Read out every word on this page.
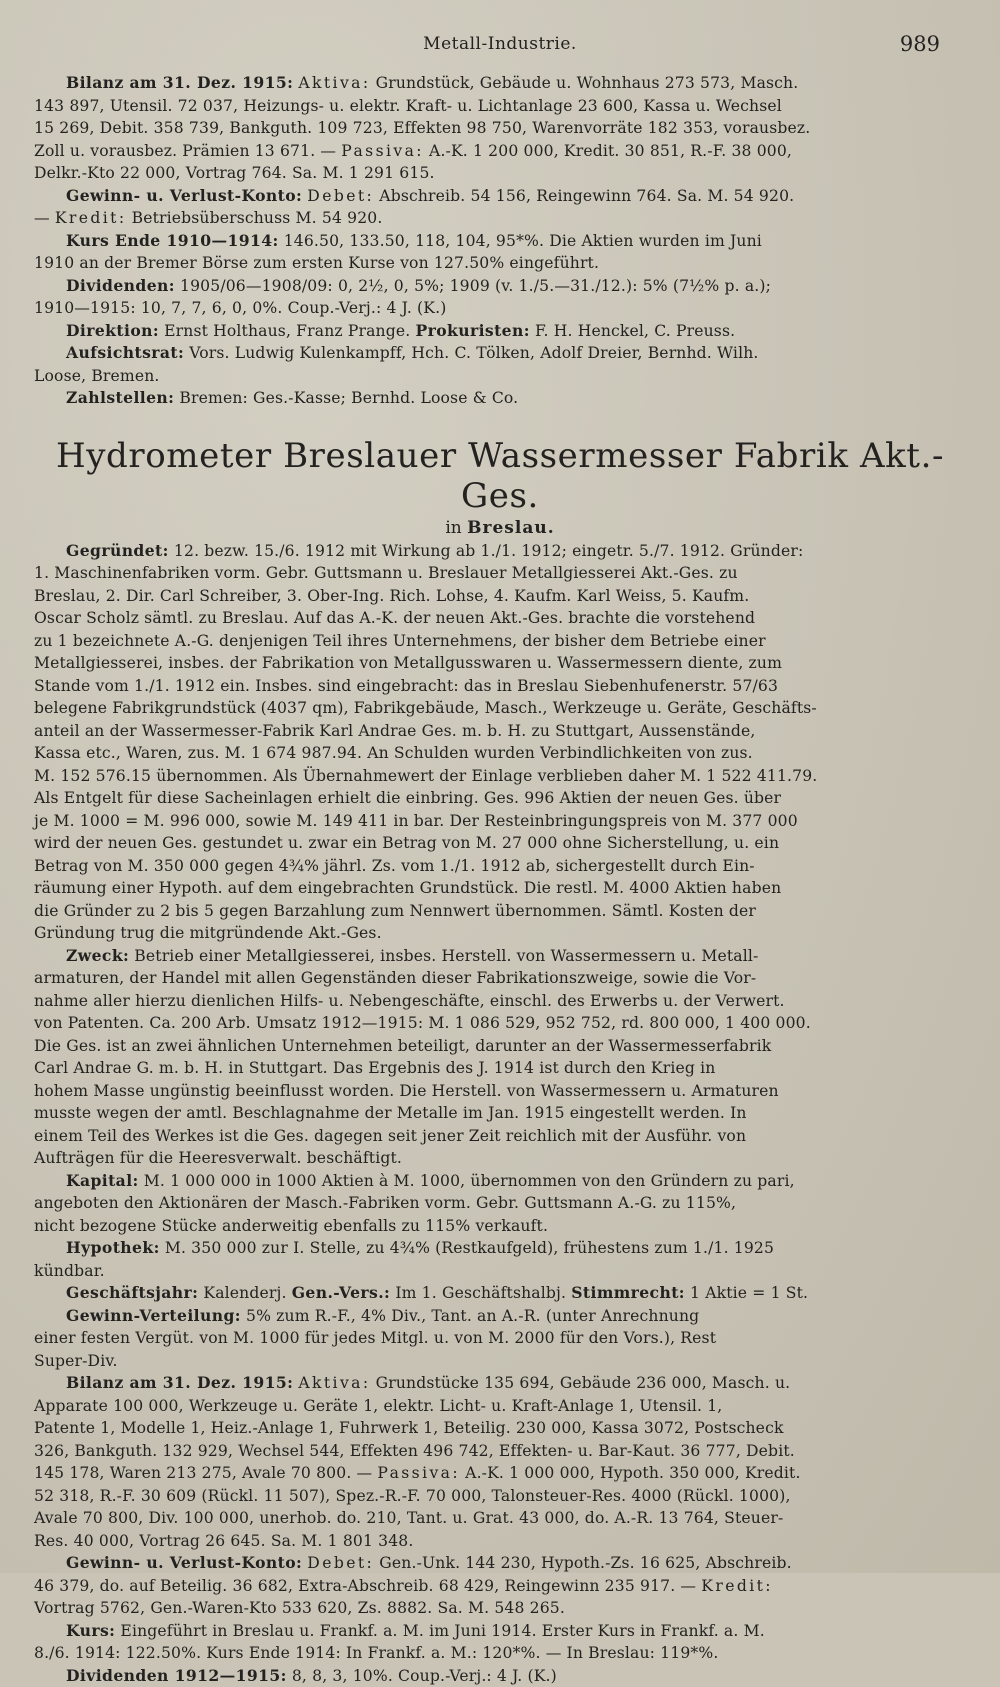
Metall-Industrie.	989

Bilanz am 31. Dez. 1915: Aktiva: Grundstück, Gebäude u. Wohnhaus 273 573, Masch.
143 897, Utensil. 72 037, Heizungs- u. elektr. Kraft- u. Lichtanlage 23 600, Kassa u. Wechsel
15 269, Debit. 358 739, Bankguth. 109 723, Effekten 98 750, Warenvorräte 182 353, vorausbez.
Zoll u. vorausbez. Prämien 13 671. — Passiva: A.-K. 1 200 000, Kredit. 30 851, R.-F. 38 000,
Delkr.-Kto 22 000, Vortrag 764. Sa. M. 1 291 615.

Gewinn- u. Verlust-Konto: Debet: Abschreib. 54 156, Reingewinn 764. Sa. M. 54 920.
— Kredit: Betriebsüberschuss M. 54 920.

Kurs Ende 1910—1914: 146.50, 133.50, 118, 104, 95*%. Die Aktien wurden im Juni
1910 an der Bremer Börse zum ersten Kurse von 127.50% eingeführt.

Dividenden: 1905/06—1908/09: 0, 2½, 0, 5%; 1909 (v. 1./5.—31./12.): 5% (7½% p. a.);
1910—1915: 10, 7, 7, 6, 0, 0%. Coup.-Verj.: 4 J. (K.)

Direktion: Ernst Holthaus, Franz Prange. Prokuristen: F. H. Henckel, C. Preuss.

Aufsichtsrat: Vors. Ludwig Kulenkampff, Hch. C. Tölken, Adolf Dreier, Bernhd. Wilh.
Loose, Bremen.

Zahlstellen: Bremen: Ges.-Kasse; Bernhd. Loose & Co.

Hydrometer Breslauer Wassermesser Fabrik Akt.-Ges.
in Breslau.

Gegründet: 12. bezw. 15./6. 1912 mit Wirkung ab 1./1. 1912; eingetr. 5./7. 1912. Gründer:
1. Maschinenfabriken vorm. Gebr. Guttsmann u. Breslauer Metallgiesserei Akt.-Ges. zu
Breslau, 2. Dir. Carl Schreiber, 3. Ober-Ing. Rich. Lohse, 4. Kaufm. Karl Weiss, 5. Kaufm.
Oscar Scholz sämtl. zu Breslau. Auf das A.-K. der neuen Akt.-Ges. brachte die vorstehend
zu 1 bezeichnete A.-G. denjenigen Teil ihres Unternehmens, der bisher dem Betriebe einer
Metallgiesserei, insbes. der Fabrikation von Metallgusswaren u. Wassermessern diente, zum
Stande vom 1./1. 1912 ein. Insbes. sind eingebracht: das in Breslau Siebenhufenerstr. 57/63
belegene Fabrikgrundstück (4037 qm), Fabrikgebäude, Masch., Werkzeuge u. Geräte, Geschäfts-
anteil an der Wassermesser-Fabrik Karl Andrae Ges. m. b. H. zu Stuttgart, Aussenstände,
Kassa etc., Waren, zus. M. 1 674 987.94. An Schulden wurden Verbindlichkeiten von zus.
M. 152 576.15 übernommen. Als Übernahmewert der Einlage verblieben daher M. 1 522 411.79.
Als Entgelt für diese Sacheinlagen erhielt die einbring. Ges. 996 Aktien der neuen Ges. über
je M. 1000 = M. 996 000, sowie M. 149 411 in bar. Der Resteinbringungspreis von M. 377 000
wird der neuen Ges. gestundet u. zwar ein Betrag von M. 27 000 ohne Sicherstellung, u. ein
Betrag von M. 350 000 gegen 4¾% jährl. Zs. vom 1./1. 1912 ab, sichergestellt durch Ein-
räumung einer Hypoth. auf dem eingebrachten Grundstück. Die restl. M. 4000 Aktien haben
die Gründer zu 2 bis 5 gegen Barzahlung zum Nennwert übernommen. Sämtl. Kosten der
Gründung trug die mitgründende Akt.-Ges.

Zweck: Betrieb einer Metallgiesserei, insbes. Herstell. von Wassermessern u. Metall-
armaturen, der Handel mit allen Gegenständen dieser Fabrikationszweige, sowie die Vor-
nahme aller hierzu dienlichen Hilfs- u. Nebengeschäfte, einschl. des Erwerbs u. der Verwert.
von Patenten. Ca. 200 Arb. Umsatz 1912—1915: M. 1 086 529, 952 752, rd. 800 000, 1 400 000.
Die Ges. ist an zwei ähnlichen Unternehmen beteiligt, darunter an der Wassermesserfabrik
Carl Andrae G. m. b. H. in Stuttgart. Das Ergebnis des J. 1914 ist durch den Krieg in
hohem Masse ungünstig beeinflusst worden. Die Herstell. von Wassermessern u. Armaturen
musste wegen der amtl. Beschlagnahme der Metalle im Jan. 1915 eingestellt werden. In
einem Teil des Werkes ist die Ges. dagegen seit jener Zeit reichlich mit der Ausführ. von
Aufträgen für die Heeresverwalt. beschäftigt.

Kapital: M. 1 000 000 in 1000 Aktien à M. 1000, übernommen von den Gründern zu pari,
angeboten den Aktionären der Masch.-Fabriken vorm. Gebr. Guttsmann A.-G. zu 115%,
nicht bezogene Stücke anderweitig ebenfalls zu 115% verkauft.

Hypothek: M. 350 000 zur I. Stelle, zu 4¾% (Restkaufgeld), frühestens zum 1./1. 1925
kündbar.

Geschäftsjahr: Kalenderj. Gen.-Vers.: Im 1. Geschäftshalbj. Stimmrecht: 1 Aktie = 1 St.

Gewinn-Verteilung: 5% zum R.-F., 4% Div., Tant. an A.-R. (unter Anrechnung
einer festen Vergüt. von M. 1000 für jedes Mitgl. u. von M. 2000 für den Vors.), Rest
Super-Div.

Bilanz am 31. Dez. 1915: Aktiva: Grundstücke 135 694, Gebäude 236 000, Masch. u.
Apparate 100 000, Werkzeuge u. Geräte 1, elektr. Licht- u. Kraft-Anlage 1, Utensil. 1,
Patente 1, Modelle 1, Heiz.-Anlage 1, Fuhrwerk 1, Beteilig. 230 000, Kassa 3072, Postscheck
326, Bankguth. 132 929, Wechsel 544, Effekten 496 742, Effekten- u. Bar-Kaut. 36 777, Debit.
145 178, Waren 213 275, Avale 70 800. — Passiva: A.-K. 1 000 000, Hypoth. 350 000, Kredit.
52 318, R.-F. 30 609 (Rückl. 11 507), Spez.-R.-F. 70 000, Talonsteuer-Res. 4000 (Rückl. 1000),
Avale 70 800, Div. 100 000, unerhob. do. 210, Tant. u. Grat. 43 000, do. A.-R. 13 764, Steuer-
Res. 40 000, Vortrag 26 645. Sa. M. 1 801 348.

Gewinn- u. Verlust-Konto: Debet: Gen.-Unk. 144 230, Hypoth.-Zs. 16 625, Abschreib.
46 379, do. auf Beteilig. 36 682, Extra-Abschreib. 68 429, Reingewinn 235 917. — Kredit:
Vortrag 5762, Gen.-Waren-Kto 533 620, Zs. 8882. Sa. M. 548 265.

Kurs: Eingeführt in Breslau u. Frankf. a. M. im Juni 1914. Erster Kurs in Frankf. a. M.
8./6. 1914: 122.50%. Kurs Ende 1914: In Frankf. a. M.: 120*%. — In Breslau: 119*%.

Dividenden 1912—1915: 8, 8, 3, 10%. Coup.-Verj.: 4 J. (K.)
